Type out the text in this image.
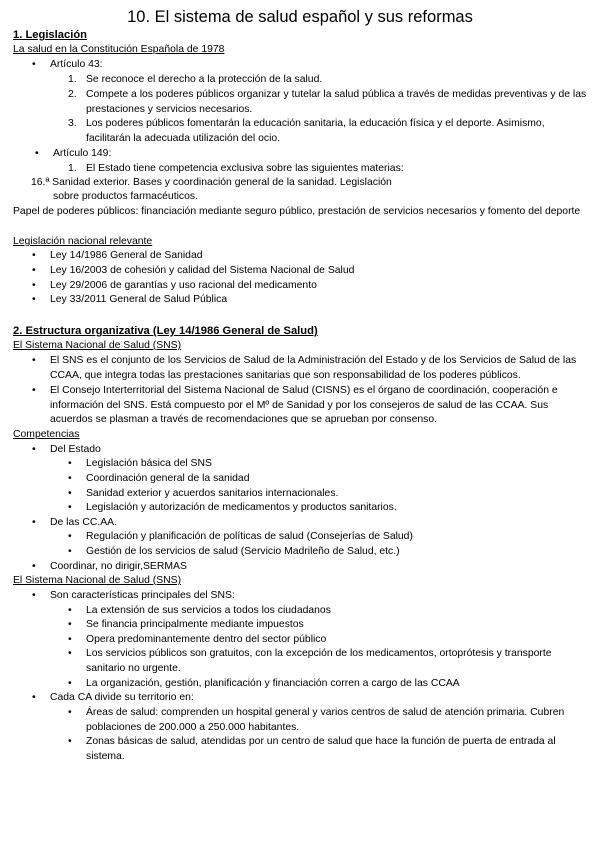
10. El sistema de salud español y sus reformas
1. Legislación
La salud en la Constitución Española de 1978
• Artículo 43:
1. Se reconoce el derecho a la protección de la salud.
2. Compete a los poderes públicos organizar y tutelar la salud pública a través de medidas preventivas y de las prestaciones y servicios necesarios.
3. Los poderes públicos fomentarán la educación sanitaria, la educación física y el deporte. Asimismo, facilitarán la adecuada utilización del ocio.
• Artículo 149:
1. El Estado tiene competencia exclusiva sobre las siguientes materias:
16.ª Sanidad exterior. Bases y coordinación general de la sanidad. Legislación
sobre productos farmacéuticos.
Papel de poderes públicos: financiación mediante seguro público, prestación de servicios necesarios y fomento del deporte
Legislación nacional relevante
• Ley 14/1986 General de Sanidad
• Ley 16/2003 de cohesión y calidad del Sistema Nacional de Salud
• Ley 29/2006 de garantías y uso racional del medicamento
• Ley 33/2011 General de Salud Pública
2. Estructura organizativa (Ley 14/1986 General de Salud)
El Sistema Nacional de Salud (SNS)
• El SNS es el conjunto de los Servicios de Salud de la Administración del Estado y de los Servicios de Salud de las CCAA, que integra todas las prestaciones sanitarias que son responsabilidad de los poderes públicos.
• El Consejo Interterritorial del Sistema Nacional de Salud (CISNS) es el órgano de coordinación, cooperación e información del SNS. Está compuesto por el Mº de Sanidad y por los consejeros de salud de las CCAA. Sus acuerdos se plasman a través de recomendaciones que se aprueban por consenso.
Competencias
• Del Estado
• Legislación básica del SNS
• Coordinación general de la sanidad
• Sanidad exterior y acuerdos sanitarios internacionales.
• Legislación y autorización de medicamentos y productos sanitarios.
• De las CC.AA.
• Regulación y planificación de políticas de salud (Consejerías de Salud)
• Gestión de los servicios de salud (Servicio Madrileño de Salud, etc.)
• Coordinar, no dirigir,SERMAS
El Sistema Nacional de Salud (SNS)
• Son características principales del SNS:
• La extensión de sus servicios a todos los ciudadanos
• Se financia principalmente mediante impuestos
• Opera predominantemente dentro del sector público
• Los servicios públicos son gratuitos, con la excepción de los medicamentos, ortoprótesis y transporte sanitario no urgente.
• La organización, gestión, planificación y financiación corren a cargo de las CCAA
• Cada CA divide su territorio en:
• Áreas de salud: comprenden un hospital general y varios centros de salud de atención primaria. Cubren poblaciones de 200.000 a 250.000 habitantes.
• Zonas básicas de salud, atendidas por un centro de salud que hace la función de puerta de entrada al sistema.
